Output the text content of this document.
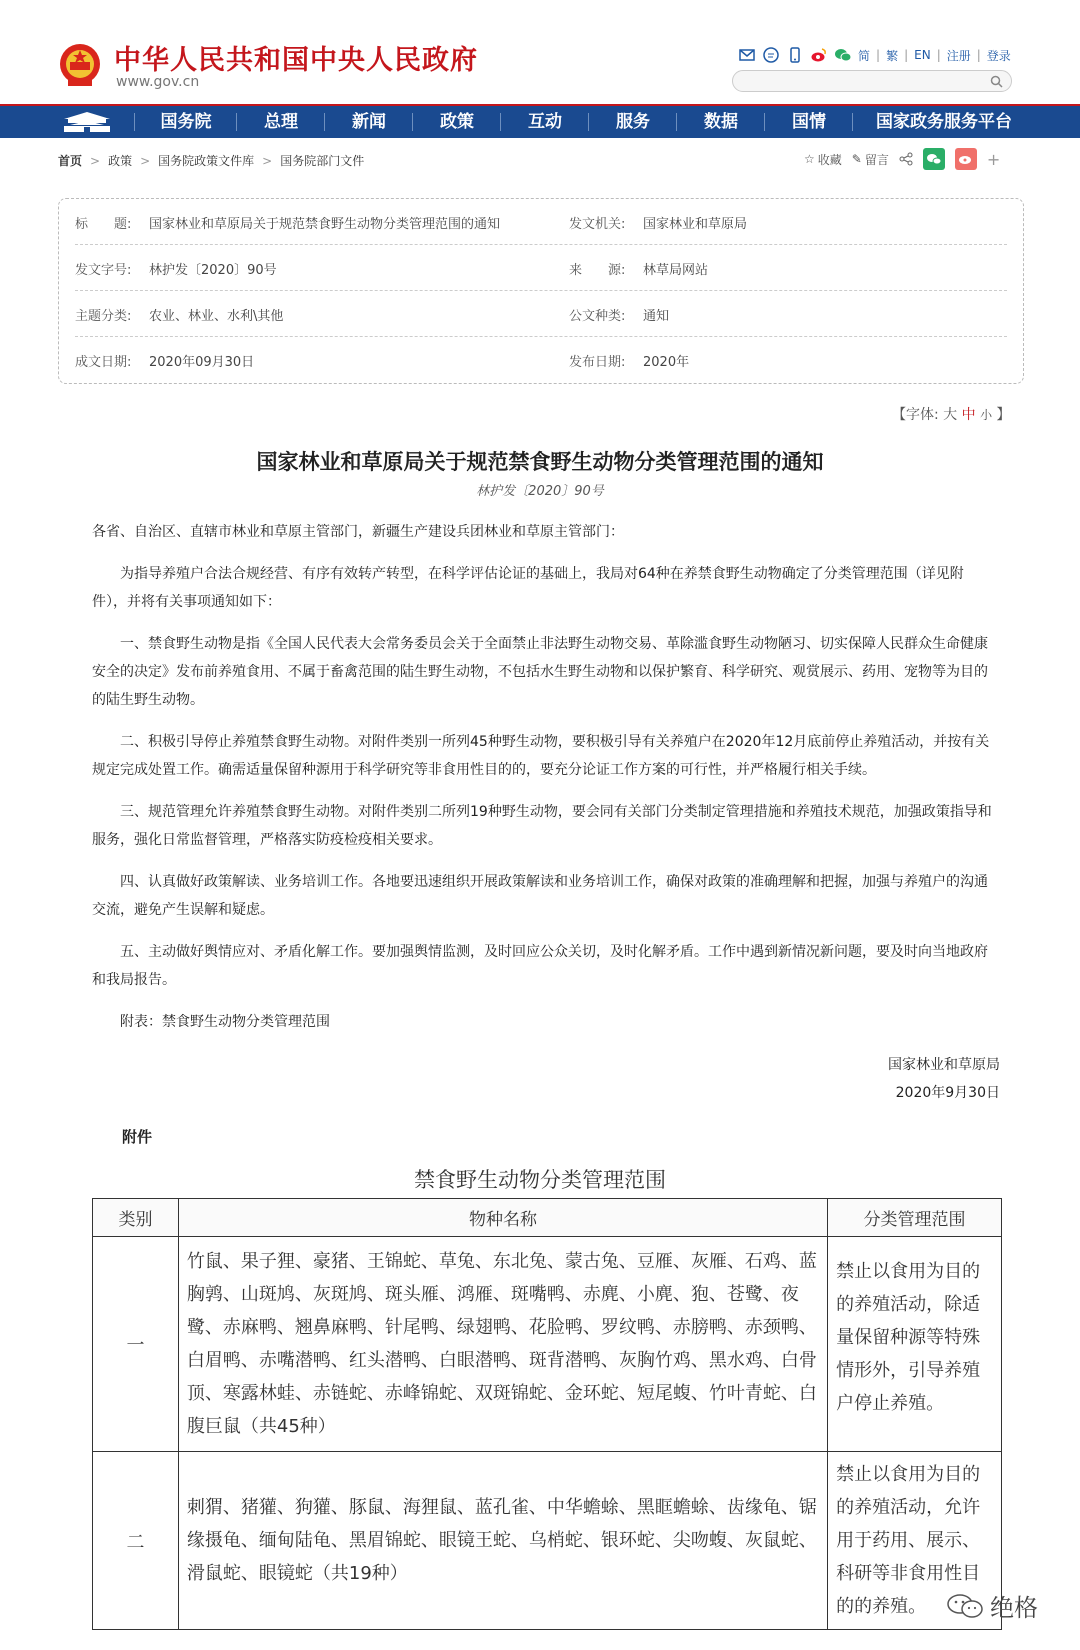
中华人民共和国中央人民政府
www.gov.cn
简 | 繁 | EN | 注册 | 登录
国务院	总理	新闻	政策	互动	服务	数据	国情	国家政务服务平台
首页 > 政策 > 国务院政策文件库 > 国务院部门文件	☆ 收藏 ✎ 留言	+
标　　题: 国家林业和草原局关于规范禁食野生动物分类管理范围的通知	发文机关: 国家林业和草原局
发文字号: 林护发〔2020〕90号	来　　源: 林草局网站
主题分类: 农业、林业、水利\其他	公文种类: 通知
成文日期: 2020年09月30日	发布日期: 2020年
【字体: 大 中 小 】
国家林业和草原局关于规范禁食野生动物分类管理范围的通知
林护发〔2020〕90号
各省、自治区、直辖市林业和草原主管部门，新疆生产建设兵团林业和草原主管部门：
为指导养殖户合法合规经营、有序有效转产转型，在科学评估论证的基础上，我局对64种在养禁食野生动物确定了分类管理范围（详见附件），并将有关事项通知如下：
一、禁食野生动物是指《全国人民代表大会常务委员会关于全面禁止非法野生动物交易、革除滥食野生动物陋习、切实保障人民群众生命健康安全的决定》发布前养殖食用、不属于畜禽范围的陆生野生动物，不包括水生野生动物和以保护繁育、科学研究、观赏展示、药用、宠物等为目的的陆生野生动物。
二、积极引导停止养殖禁食野生动物。对附件类别一所列45种野生动物，要积极引导有关养殖户在2020年12月底前停止养殖活动，并按有关规定完成处置工作。确需适量保留种源用于科学研究等非食用性目的的，要充分论证工作方案的可行性，并严格履行相关手续。
三、规范管理允许养殖禁食野生动物。对附件类别二所列19种野生动物，要会同有关部门分类制定管理措施和养殖技术规范，加强政策指导和服务，强化日常监督管理，严格落实防疫检疫相关要求。
四、认真做好政策解读、业务培训工作。各地要迅速组织开展政策解读和业务培训工作，确保对政策的准确理解和把握，加强与养殖户的沟通交流，避免产生误解和疑虑。
五、主动做好舆情应对、矛盾化解工作。要加强舆情监测，及时回应公众关切，及时化解矛盾。工作中遇到新情况新问题，要及时向当地政府和我局报告。
附表：禁食野生动物分类管理范围
国家林业和草原局
2020年9月30日
附件
禁食野生动物分类管理范围
类别	物种名称	分类管理范围
一	竹鼠、果子狸、豪猪、王锦蛇、草兔、东北兔、蒙古兔、豆雁、灰雁、石鸡、蓝胸鹑、山斑鸠、灰斑鸠、斑头雁、鸿雁、斑嘴鸭、赤麂、小麂、狍、苍鹭、夜鹭、赤麻鸭、翘鼻麻鸭、针尾鸭、绿翅鸭、花脸鸭、罗纹鸭、赤膀鸭、赤颈鸭、白眉鸭、赤嘴潜鸭、红头潜鸭、白眼潜鸭、斑背潜鸭、灰胸竹鸡、黑水鸡、白骨顶、寒露林蛙、赤链蛇、赤峰锦蛇、双斑锦蛇、金环蛇、短尾蝮、竹叶青蛇、白腹巨鼠（共45种）	禁止以食用为目的的养殖活动，除适量保留种源等特殊情形外，引导养殖户停止养殖。
二	刺猬、猪獾、狗獾、豚鼠、海狸鼠、蓝孔雀、中华蟾蜍、黑眶蟾蜍、齿缘龟、锯缘摄龟、缅甸陆龟、黑眉锦蛇、眼镜王蛇、乌梢蛇、银环蛇、尖吻蝮、灰鼠蛇、滑鼠蛇、眼镜蛇（共19种）	禁止以食用为目的的养殖活动，允许用于药用、展示、科研等非食用性目的的养殖。	绝格
